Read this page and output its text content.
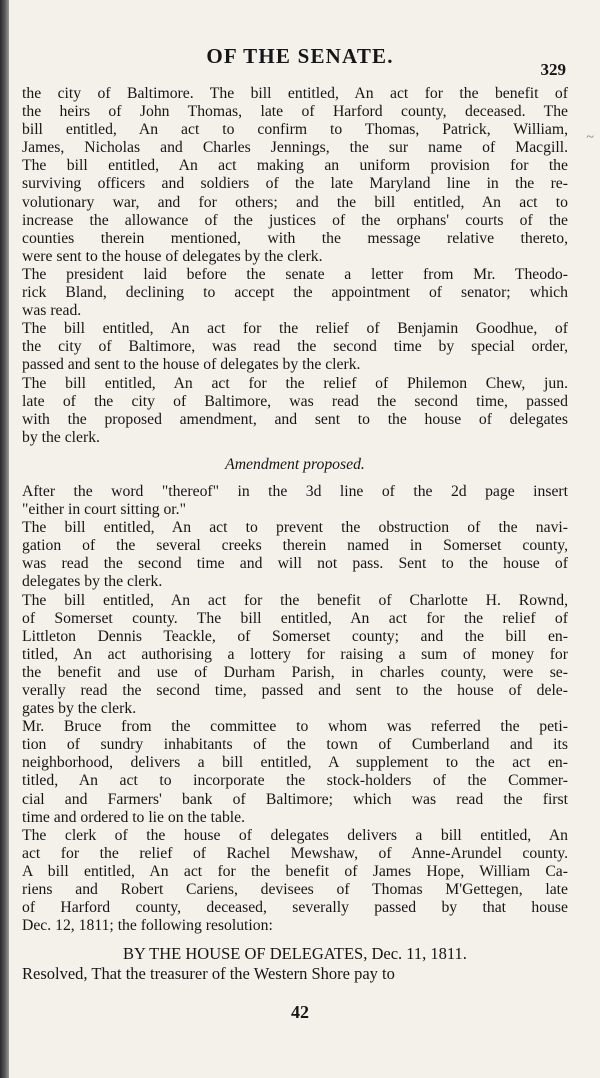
OF THE SENATE.
329
~
the city of Baltimore. The bill entitled, An act for the benefit of
the heirs of John Thomas, late of Harford county, deceased. The
bill entitled, An act to confirm to Thomas, Patrick, William,
James, Nicholas and Charles Jennings, the sur name of Macgill.
The bill entitled, An act making an uniform provision for the
surviving officers and soldiers of the late Maryland line in the re-
volutionary war, and for others; and the bill entitled, An act to
increase the allowance of the justices of the orphans' courts of the
counties therein mentioned, with the message relative thereto,
were sent to the house of delegates by the clerk.
The president laid before the senate a letter from Mr. Theodo-
rick Bland, declining to accept the appointment of senator; which
was read.
The bill entitled, An act for the relief of Benjamin Goodhue, of
the city of Baltimore, was read the second time by special order,
passed and sent to the house of delegates by the clerk.
The bill entitled, An act for the relief of Philemon Chew, jun.
late of the city of Baltimore, was read the second time, passed
with the proposed amendment, and sent to the house of delegates
by the clerk.
Amendment proposed.
After the word "thereof" in the 3d line of the 2d page insert
"either in court sitting or."
The bill entitled, An act to prevent the obstruction of the navi-
gation of the several creeks therein named in Somerset county,
was read the second time and will not pass. Sent to the house of
delegates by the clerk.
The bill entitled, An act for the benefit of Charlotte H. Rownd,
of Somerset county. The bill entitled, An act for the relief of
Littleton Dennis Teackle, of Somerset county; and the bill en-
titled, An act authorising a lottery for raising a sum of money for
the benefit and use of Durham Parish, in charles county, were se-
verally read the second time, passed and sent to the house of dele-
gates by the clerk.
Mr. Bruce from the committee to whom was referred the peti-
tion of sundry inhabitants of the town of Cumberland and its
neighborhood, delivers a bill entitled, A supplement to the act en-
titled, An act to incorporate the stock-holders of the Commer-
cial and Farmers' bank of Baltimore; which was read the first
time and ordered to lie on the table.
The clerk of the house of delegates delivers a bill entitled, An
act for the relief of Rachel Mewshaw, of Anne-Arundel county.
A bill entitled, An act for the benefit of James Hope, William Ca-
riens and Robert Cariens, devisees of Thomas M'Gettegen, late
of Harford county, deceased, severally passed by that house
Dec. 12, 1811; the following resolution:
BY THE HOUSE OF DELEGATES, Dec. 11, 1811.
Resolved, That the treasurer of the Western Shore pay to
42
